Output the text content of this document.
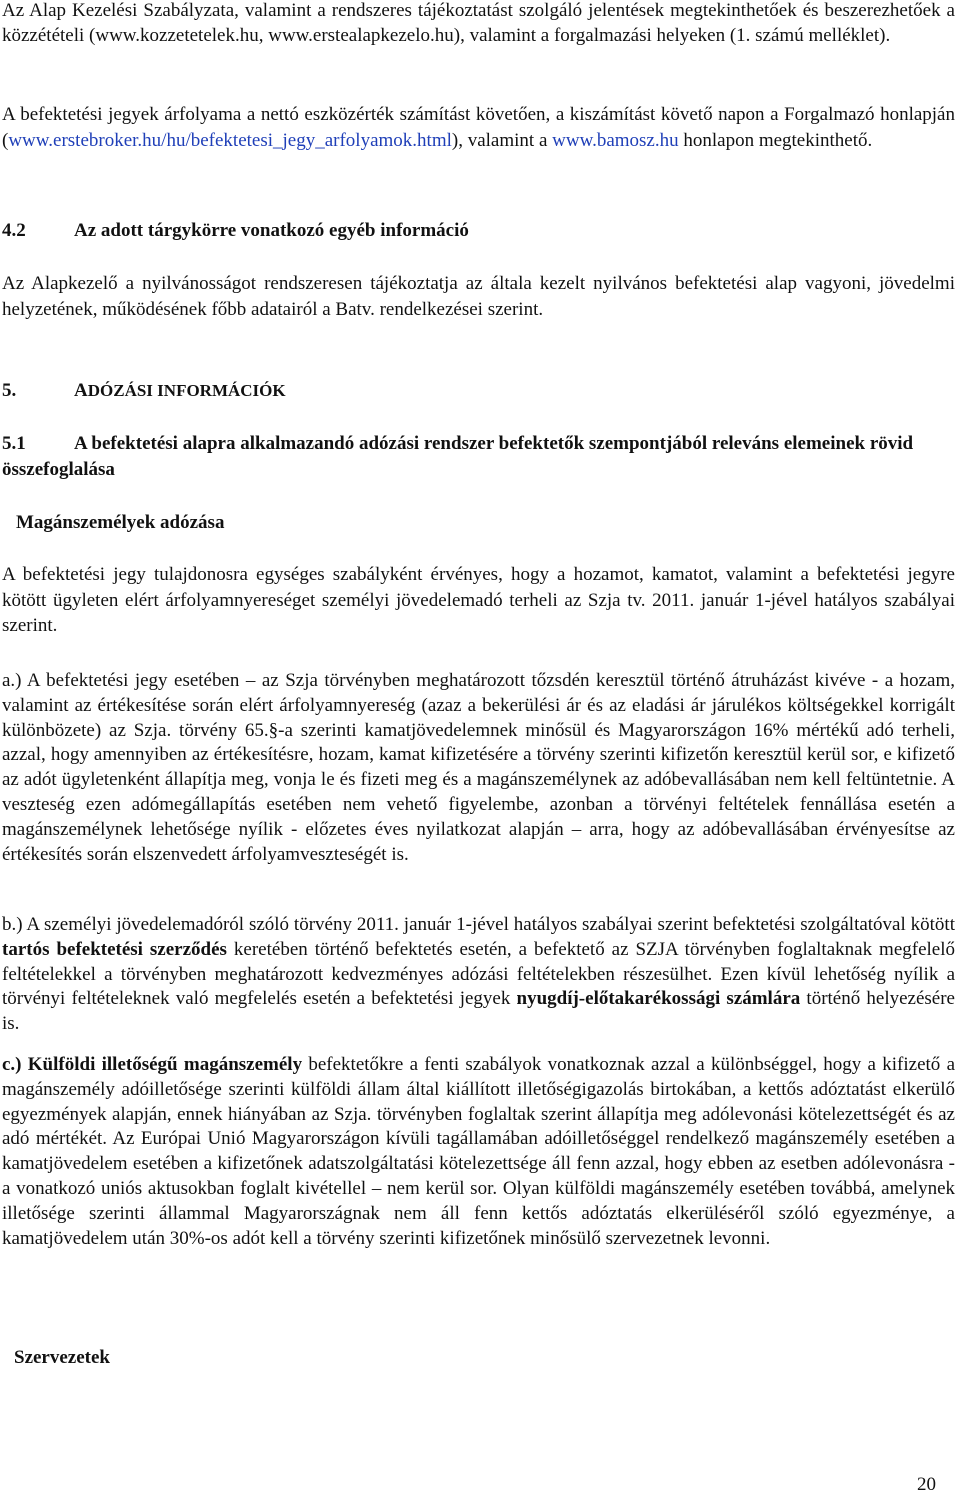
Az Alap Kezelési Szabályzata, valamint a rendszeres tájékoztatást szolgáló jelentések megtekinthetőek és beszerezhetőek a közzétételi (www.kozzetetelek.hu, www.erstealapkezelo.hu), valamint a forgalmazási helyeken (1. számú melléklet).

A befektetési jegyek árfolyama a nettó eszközérték számítást követően, a kiszámítást követő napon a Forgalmazó honlapján (www.erstebroker.hu/hu/befektetesi_jegy_arfolyamok.html), valamint a www.bamosz.hu honlapon megtekinthető.

4.2	Az adott tárgykörre vonatkozó egyéb információ

Az Alapkezelő a nyilvánosságot rendszeresen tájékoztatja az általa kezelt nyilvános befektetési alap vagyoni, jövedelmi helyzetének, működésének főbb adatairól a Batv. rendelkezései szerint.

5.	ADÓZÁSI INFORMÁCIÓK

5.1	A befektetési alapra alkalmazandó adózási rendszer befektetők szempontjából releváns elemeinek rövid összefoglalása

Magánszemélyek adózása

A befektetési jegy tulajdonosra egységes szabályként érvényes, hogy a hozamot, kamatot, valamint a befektetési jegyre kötött ügyleten elért árfolyamnyereséget személyi jövedelemadó terheli az Szja tv. 2011. január 1-jével hatályos szabályai szerint.

a.) A befektetési jegy esetében ‒ az Szja törvényben meghatározott tőzsdén keresztül történő átruházást kivéve - a hozam, valamint az értékesítése során elért árfolyamnyereség (azaz a bekerülési ár és az eladási ár járulékos költségekkel korrigált különbözete) az Szja. törvény 65.§-a szerinti kamatjövedelemnek minősül és Magyarországon 16% mértékű adó terheli, azzal, hogy amennyiben az értékesítésre, hozam, kamat kifizetésére a törvény szerinti kifizetőn keresztül kerül sor, e kifizető az adót ügyletenként állapítja meg, vonja le és fizeti meg és a magánszemélynek az adóbevallásában nem kell feltüntetnie. A veszteség ezen adómegállapítás esetében nem vehető figyelembe, azonban a törvényi feltételek fennállása esetén a magánszemélynek lehetősége nyílik - előzetes éves nyilatkozat alapján ‒ arra, hogy az adóbevallásában érvényesítse az értékesítés során elszenvedett árfolyamveszteségét is.

b.) A személyi jövedelemadóról szóló törvény 2011. január 1-jével hatályos szabályai szerint befektetési szolgáltatóval kötött tartós befektetési szerződés keretében történő befektetés esetén, a befektető az SZJA törvényben foglaltaknak megfelelő feltételekkel a törvényben meghatározott kedvezményes adózási feltételekben részesülhet. Ezen kívül lehetőség nyílik a törvényi feltételeknek való megfelelés esetén a befektetési jegyek nyugdíj-előtakarékossági számlára történő helyezésére is.

c.) Külföldi illetőségű magánszemély befektetőkre a fenti szabályok vonatkoznak azzal a különbséggel, hogy a kifizető a magánszemély adóilletősége szerinti külföldi állam által kiállított illetőségigazolás birtokában, a kettős adóztatást elkerülő egyezmények alapján, ennek hiányában az Szja. törvényben foglaltak szerint állapítja meg adólevonási kötelezettségét és az adó mértékét. Az Európai Unió Magyarországon kívüli tagállamában adóilletőséggel rendelkező magánszemély esetében a kamatjövedelem esetében a kifizetőnek adatszolgáltatási kötelezettsége áll fenn azzal, hogy ebben az esetben adólevonásra - a vonatkozó uniós aktusokban foglalt kivétellel ‒ nem kerül sor. Olyan külföldi magánszemély esetében továbbá, amelynek illetősége szerinti állammal Magyarországnak nem áll fenn kettős adóztatás elkerüléséről szóló egyezménye, a kamatjövedelem után 30%-os adót kell a törvény szerinti kifizetőnek minősülő szervezetnek levonni.

Szervezetek

20
